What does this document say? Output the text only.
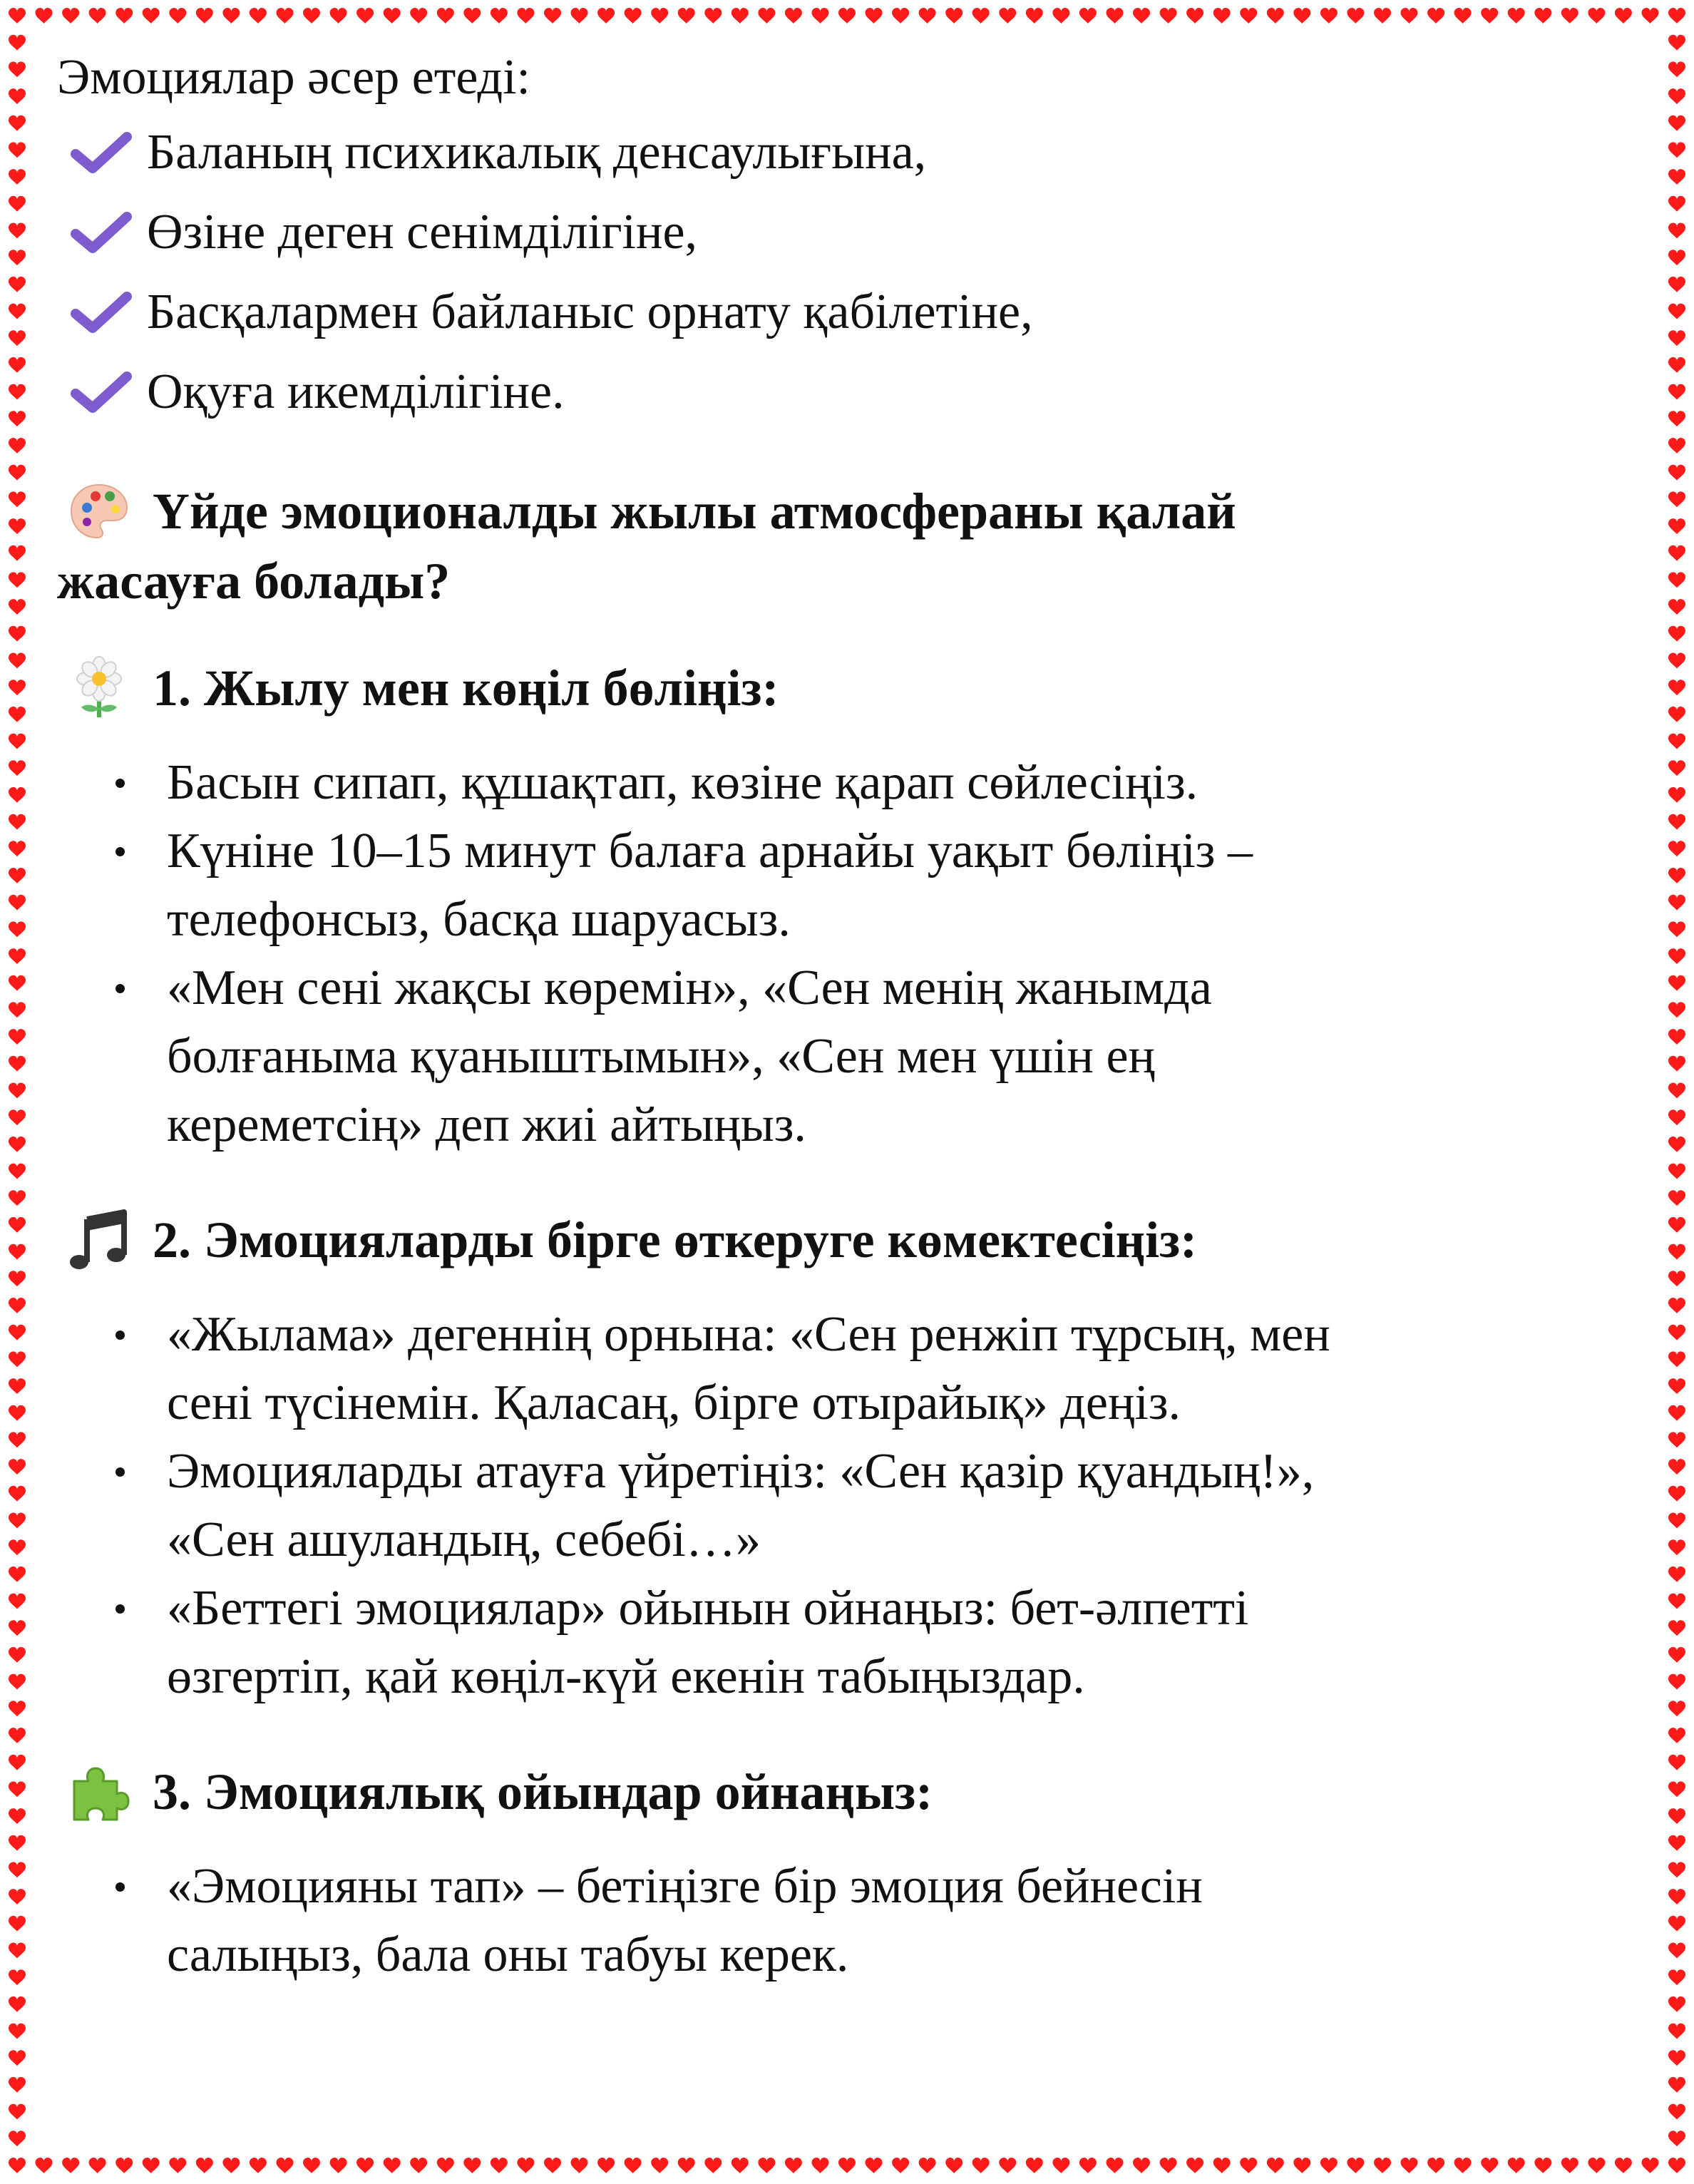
Эмоциялар әсер етеді:
Баланың психикалық денсаулығына,
Өзіне деген сенімділігіне,
Басқалармен байланыс орнату қабілетіне,
Оқуға икемділігіне.
Үйде эмоционалды жылы атмосфераны қалай
жасауға болады?
1. Жылу мен көңіл бөліңіз:
Басын сипап, құшақтап, көзіне қарап сөйлесіңіз.
Күніне 10–15 минут балаға арнайы уақыт бөліңіз –
телефонсыз, басқа шаруасыз.
«Мен сені жақсы көремін», «Сен менің жанымда
болғаныма қуаныштымын», «Сен мен үшін ең
кереметсің» деп жиі айтыңыз.
2. Эмоцияларды бірге өткеруге көмектесіңіз:
«Жылама» дегеннің орнына: «Сен ренжіп тұрсың, мен
сені түсінемін. Қаласаң, бірге отырайық» деңіз.
Эмоцияларды атауға үйретіңіз: «Сен қазір қуандың!»,
«Сен ашуландың, себебі…»
«Беттегі эмоциялар» ойынын ойнаңыз: бет-әлпетті
өзгертіп, қай көңіл-күй екенін табыңыздар.
3. Эмоциялық ойындар ойнаңыз:
«Эмоцияны тап» – бетіңізге бір эмоция бейнесін
салыңыз, бала оны табуы керек.
